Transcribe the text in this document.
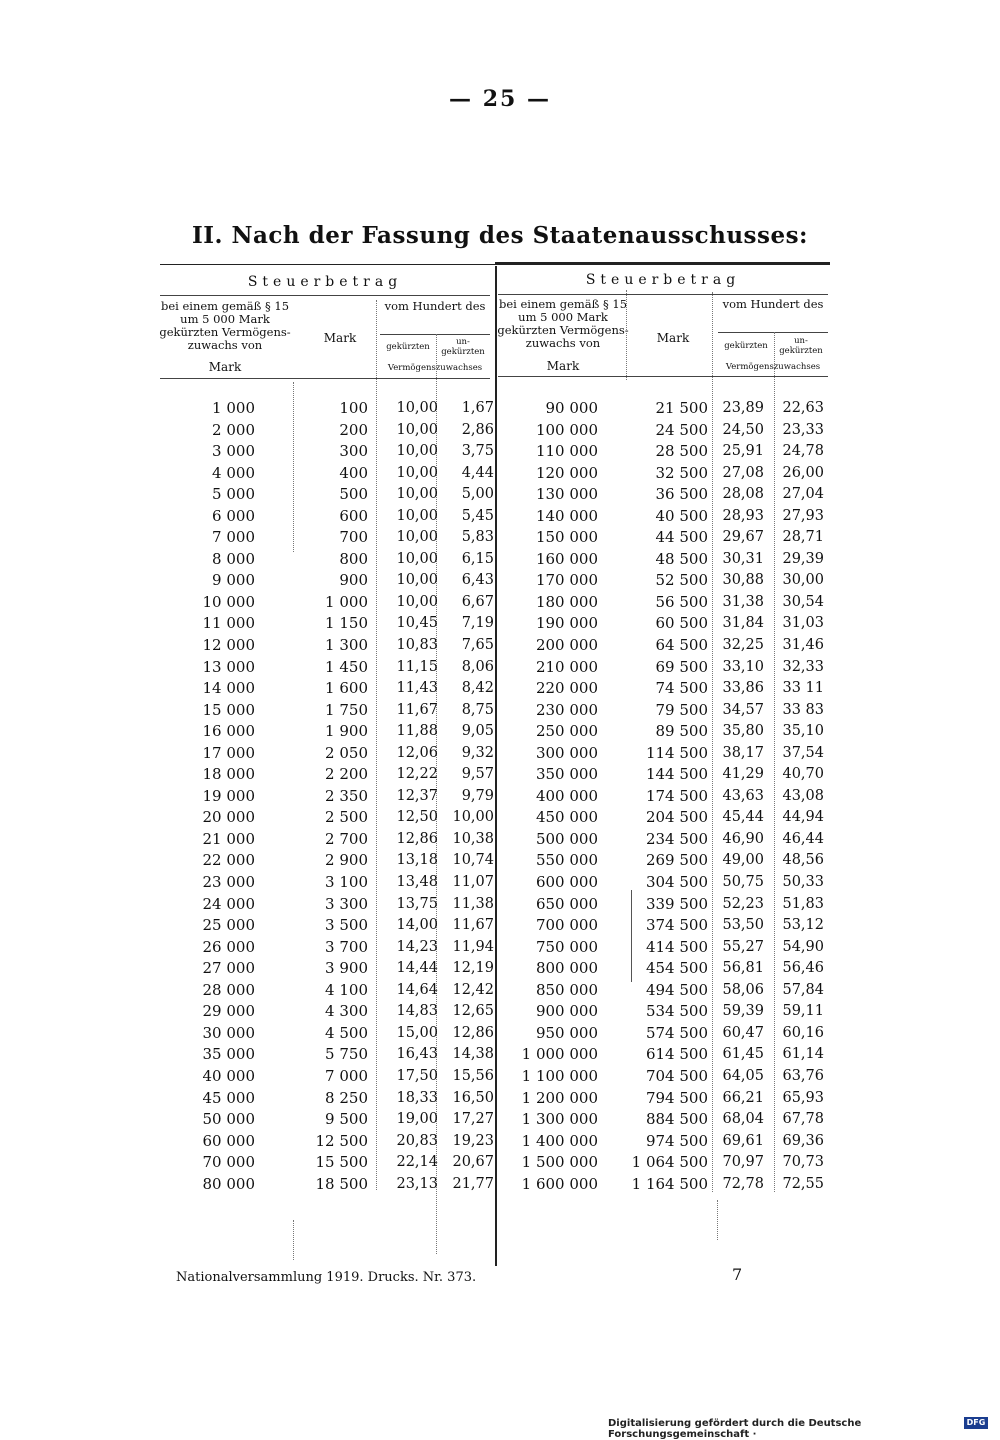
— 25 —
II. Nach der Fassung des Staatenausschusses:
Steuerbetrag
bei einem gemäß § 15 um 5 000 Mark gekürzten Vermögens-zuwachs von
Mark
Mark
vom Hundert des
gekürzten	un-gekürzten
Vermögenszuwachses
Steuerbetrag
bei einem gemäß § 15 um 5 000 Mark gekürzten Vermögens-zuwachs von
Mark
Mark
vom Hundert des
gekürzten	un-gekürzten
Vermögenszuwachses
1 000	100	10,00	1,67
2 000	200	10,00	2,86
3 000	300	10,00	3,75
4 000	400	10,00	4,44
5 000	500	10,00	5,00
6 000	600	10,00	5,45
7 000	700	10,00	5,83
8 000	800	10,00	6,15
9 000	900	10,00	6,43
10 000	1 000	10,00	6,67
11 000	1 150	10,45	7,19
12 000	1 300	10,83	7,65
13 000	1 450	11,15	8,06
14 000	1 600	11,43	8,42
15 000	1 750	11,67	8,75
16 000	1 900	11,88	9,05
17 000	2 050	12,06	9,32
18 000	2 200	12,22	9,57
19 000	2 350	12,37	9,79
20 000	2 500	12,50	10,00
21 000	2 700	12,86	10,38
22 000	2 900	13,18	10,74
23 000	3 100	13,48	11,07
24 000	3 300	13,75	11,38
25 000	3 500	14,00	11,67
26 000	3 700	14,23	11,94
27 000	3 900	14,44	12,19
28 000	4 100	14,64	12,42
29 000	4 300	14,83	12,65
30 000	4 500	15,00	12,86
35 000	5 750	16,43	14,38
40 000	7 000	17,50	15,56
45 000	8 250	18,33	16,50
50 000	9 500	19,00	17,27
60 000	12 500	20,83	19,23
70 000	15 500	22,14	20,67
80 000	18 500	23,13	21,77
90 000	21 500	23,89	22,63
100 000	24 500	24,50	23,33
110 000	28 500	25,91	24,78
120 000	32 500	27,08	26,00
130 000	36 500	28,08	27,04
140 000	40 500	28,93	27,93
150 000	44 500	29,67	28,71
160 000	48 500	30,31	29,39
170 000	52 500	30,88	30,00
180 000	56 500	31,38	30,54
190 000	60 500	31,84	31,03
200 000	64 500	32,25	31,46
210 000	69 500	33,10	32,33
220 000	74 500	33,86	33 11
230 000	79 500	34,57	33 83
250 000	89 500	35,80	35,10
300 000	114 500	38,17	37,54
350 000	144 500	41,29	40,70
400 000	174 500	43,63	43,08
450 000	204 500	45,44	44,94
500 000	234 500	46,90	46,44
550 000	269 500	49,00	48,56
600 000	304 500	50,75	50,33
650 000	339 500	52,23	51,83
700 000	374 500	53,50	53,12
750 000	414 500	55,27	54,90
800 000	454 500	56,81	56,46
850 000	494 500	58,06	57,84
900 000	534 500	59,39	59,11
950 000	574 500	60,47	60,16
1 000 000	614 500	61,45	61,14
1 100 000	704 500	64,05	63,76
1 200 000	794 500	66,21	65,93
1 300 000	884 500	68,04	67,78
1 400 000	974 500	69,61	69,36
1 500 000	1 064 500	70,97	70,73
1 600 000	1 164 500	72,78	72,55
Nationalversammlung 1919. Drucks. Nr. 373.	7
Digitalisierung gefördert durch die Deutsche Forschungsgemeinschaft ·
DFG
